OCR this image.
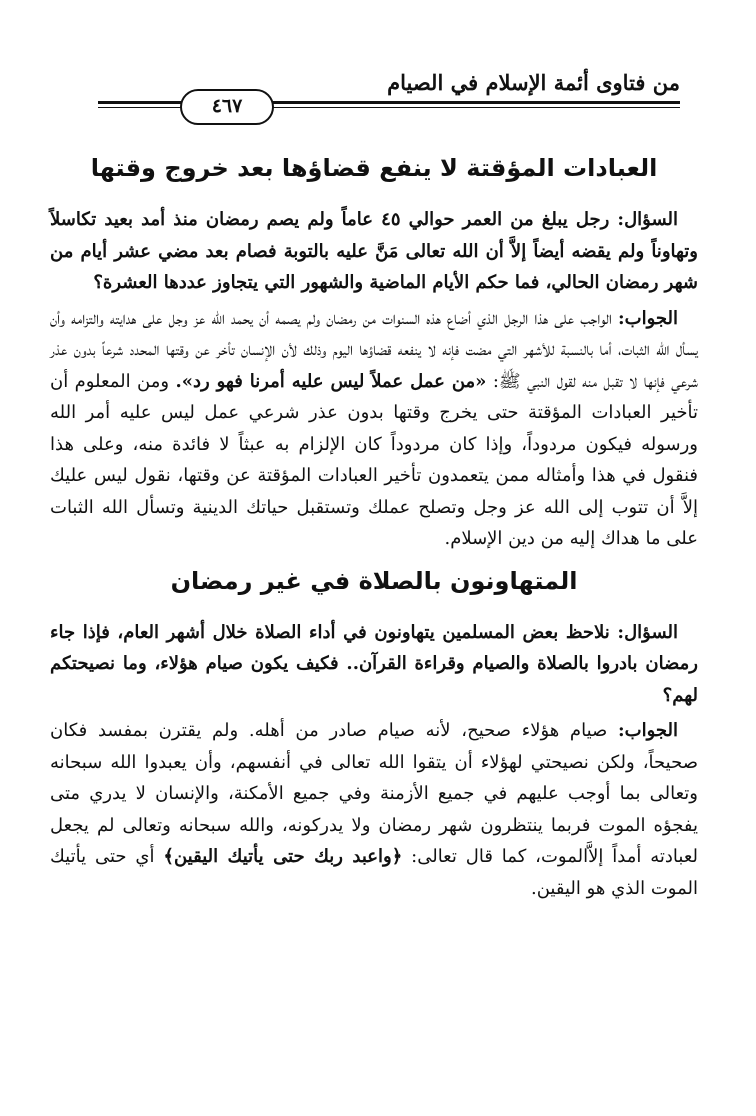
من فتاوى أئمة الإسلام في الصيام
٤٦٧
العبادات المؤقتة لا ينفع قضاؤها بعد خروج وقتها

السؤال: رجل يبلغ من العمر حوالي ٤٥ عاماً ولم يصم رمضان منذ أمد بعيد تكاسلاً وتهاوناً ولم يقضه أيضاً إلاَّ أن الله تعالى مَنَّ عليه بالتوبة فصام بعد مضي عشر أيام من شهر رمضان الحالي، فما حكم الأيام الماضية والشهور التي يتجاوز عددها العشرة؟

الجواب: الواجب على هذا الرجل الذي أضاع هذه السنوات من رمضان ولم يصمه أن يحمد الله عز وجل على هدايته والتزامه وأن يسأل الله الثبات، أما بالنسبة للأشهر التي مضت فإنه لا ينفعه قضاؤها اليوم وذلك لأن الإنسان تأخر عن وقتها المحدد شرعاً بدون عذر شرعي فإنها لا تقبل منه لقول النبي ﷺ: «من عمل عملاً ليس عليه أمرنا فهو رد». ومن المعلوم أن تأخير العبادات المؤقتة حتى يخرج وقتها بدون عذر شرعي عمل ليس عليه أمر الله ورسوله فيكون مردوداً، وإذا كان مردوداً كان الإلزام به عبثاً لا فائدة منه، وعلى هذا فنقول في هذا وأمثاله ممن يتعمدون تأخير العبادات المؤقتة عن وقتها، نقول ليس عليك إلاَّ أن تتوب إلى الله عز وجل وتصلح عملك وتستقبل حياتك الدينية وتسأل الله الثبات على ما هداك إليه من دين الإسلام.

المتهاونون بالصلاة في غير رمضان

السؤال: نلاحظ بعض المسلمين يتهاونون في أداء الصلاة خلال أشهر العام، فإذا جاء رمضان بادروا بالصلاة والصيام وقراءة القرآن.. فكيف يكون صيام هؤلاء، وما نصيحتكم لهم؟

الجواب: صيام هؤلاء صحيح، لأنه صيام صادر من أهله. ولم يقترن بمفسد فكان صحيحاً، ولكن نصيحتي لهؤلاء أن يتقوا الله تعالى في أنفسهم، وأن يعبدوا الله سبحانه وتعالى بما أوجب عليهم في جميع الأزمنة وفي جميع الأمكنة، والإنسان لا يدري متى يفجؤه الموت فربما ينتظرون شهر رمضان ولا يدركونه، والله سبحانه وتعالى لم يجعل لعبادته أمداً إلاَّالموت، كما قال تعالى: ﴿واعبد ربك حتى يأتيك اليقين﴾ أي حتى يأتيك الموت الذي هو اليقين.
